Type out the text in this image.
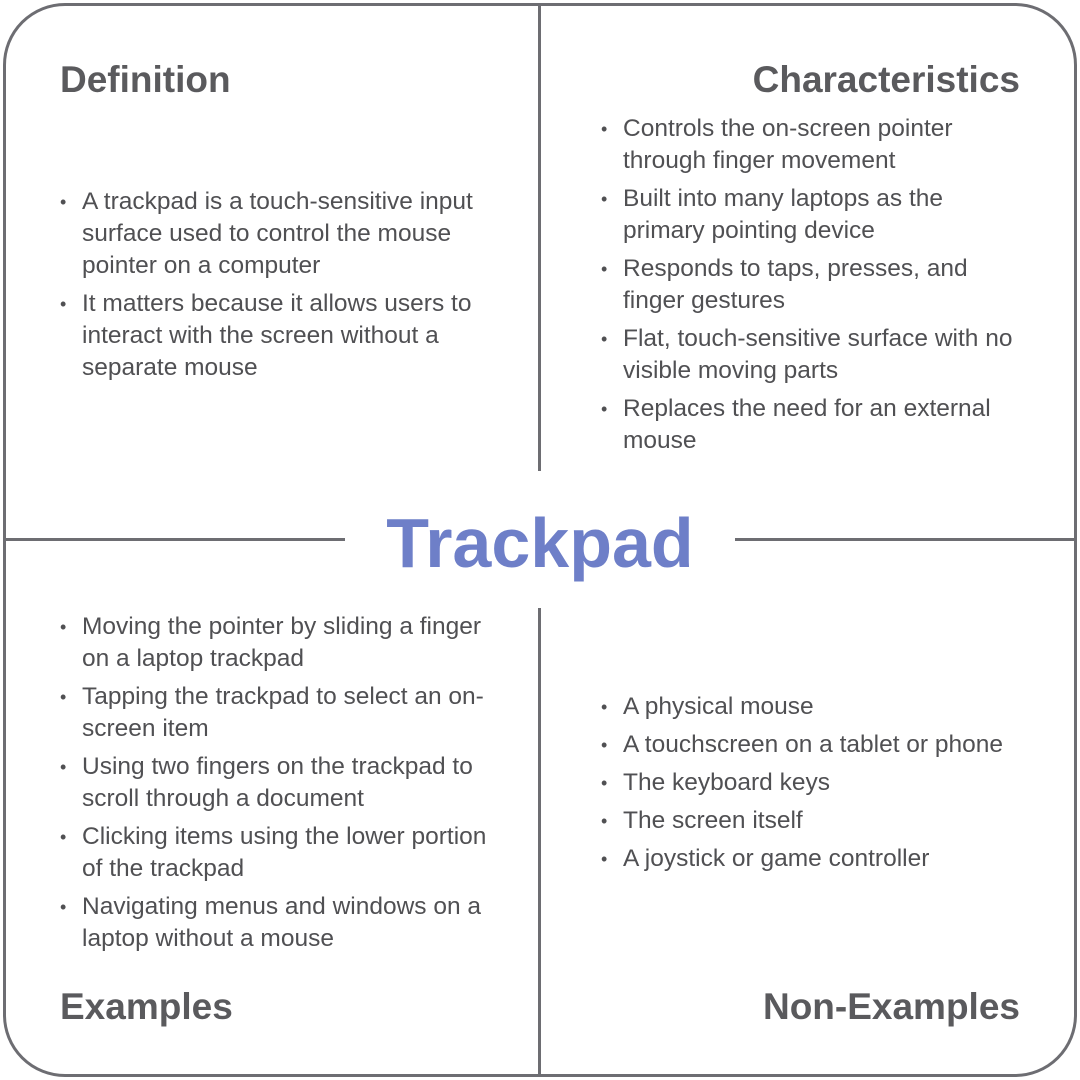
Trackpad
Definition
• A trackpad is a touch-sensitive input surface used to control the mouse pointer on a computer
• It matters because it allows users to interact with the screen without a separate mouse
Characteristics
• Controls the on-screen pointer through finger movement
• Built into many laptops as the primary pointing device
• Responds to taps, presses, and finger gestures
• Flat, touch-sensitive surface with no visible moving parts
• Replaces the need for an external mouse
• Moving the pointer by sliding a finger on a laptop trackpad
• Tapping the trackpad to select an on-screen item
• Using two fingers on the trackpad to scroll through a document
• Clicking items using the lower portion of the trackpad
• Navigating menus and windows on a laptop without a mouse
Examples
• A physical mouse
• A touchscreen on a tablet or phone
• The keyboard keys
• The screen itself
• A joystick or game controller
Non-Examples
